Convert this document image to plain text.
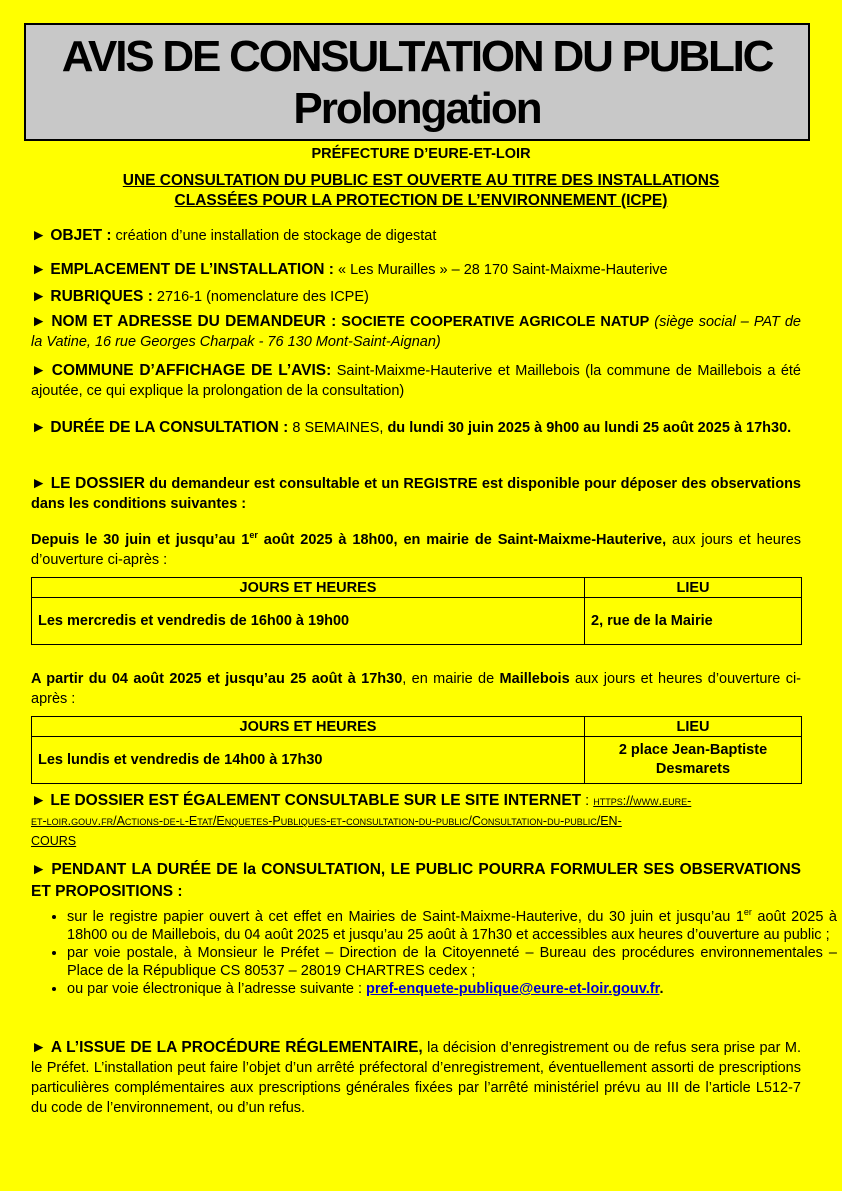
AVIS DE CONSULTATION DU PUBLIC
Prolongation
PRÉFECTURE D’EURE-ET-LOIR
UNE CONSULTATION DU PUBLIC EST OUVERTE AU TITRE DES INSTALLATIONS
CLASSÉES POUR LA PROTECTION DE L’ENVIRONNEMENT (ICPE)
► OBJET : création d’une installation de stockage de digestat
► EMPLACEMENT DE L’INSTALLATION : « Les Murailles » – 28 170 Saint-Maixme-Hauterive
► RUBRIQUES : 2716-1 (nomenclature des ICPE)
► NOM ET ADRESSE DU DEMANDEUR : SOCIETE COOPERATIVE AGRICOLE NATUP (siège social – PAT de la Vatine, 16 rue Georges Charpak - 76 130 Mont-Saint-Aignan)
► COMMUNE D’AFFICHAGE DE L’AVIS: Saint-Maixme-Hauterive et Maillebois (la commune de Maillebois a été ajoutée, ce qui explique la prolongation de la consultation)
► DURÉE DE LA CONSULTATION : 8 SEMAINES, du lundi 30 juin 2025 à 9h00 au lundi 25 août 2025 à 17h30.
► LE DOSSIER du demandeur est consultable et un REGISTRE est disponible pour déposer des observations dans les conditions suivantes :
Depuis le 30 juin et jusqu’au 1er août 2025 à 18h00, en mairie de Saint-Maixme-Hauterive, aux jours et heures d’ouverture ci-après :
JOURS ET HEURES	LIEU
Les mercredis et vendredis de 16h00 à 19h00	2, rue de la Mairie
A partir du 04 août 2025 et jusqu’au 25 août à 17h30, en mairie de Maillebois aux jours et heures d’ouverture ci-après :
JOURS ET HEURES	LIEU
Les lundis et vendredis de 14h00 à 17h30	2 place Jean-Baptiste
Desmarets
► LE DOSSIER EST ÉGALEMENT CONSULTABLE SUR LE SITE INTERNET : https://www.eure-
et-loir.gouv.fr/Actions-de-l-Etat/Enquetes-Publiques-et-consultation-du-public/Consultation-du-public/EN-
COURS
► PENDANT LA DURÉE DE la CONSULTATION, LE PUBLIC POURRA FORMULER SES OBSERVATIONS ET PROPOSITIONS :
• sur le registre papier ouvert à cet effet en Mairies de Saint-Maixme-Hauterive, du 30 juin et jusqu’au 1er août 2025 à 18h00 ou de Maillebois, du 04 août 2025 et jusqu’au 25 août à 17h30 et accessibles aux heures d’ouverture au public ;
• par voie postale, à Monsieur le Préfet – Direction de la Citoyenneté – Bureau des procédures environnementales – Place de la République CS 80537 – 28019 CHARTRES cedex ;
• ou par voie électronique à l’adresse suivante : pref-enquete-publique@eure-et-loir.gouv.fr.
► A L’ISSUE DE LA PROCÉDURE RÉGLEMENTAIRE, la décision d’enregistrement ou de refus sera prise par M. le Préfet. L’installation peut faire l’objet d’un arrêté préfectoral d’enregistrement, éventuellement assorti de prescriptions particulières complémentaires aux prescriptions générales fixées par l’arrêté ministériel prévu au III de l’article L512-7 du code de l’environnement, ou d’un refus.
